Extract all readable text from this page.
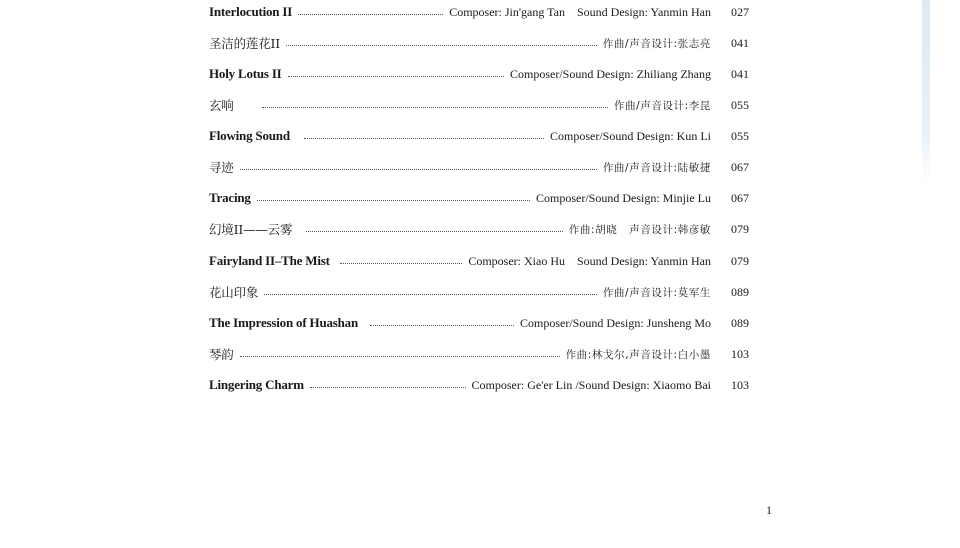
Interlocution II	Composer: Jin'gang Tan    Sound Design: Yanmin Han	027
圣洁的莲花II	作曲/声音设计:张志亮	041
Holy Lotus II	Composer/Sound Design: Zhiliang Zhang	041
玄响	作曲/声音设计:李昆	055
Flowing Sound	Composer/Sound Design: Kun Li	055
寻迹	作曲/声音设计:陆敏捷	067
Tracing	Composer/Sound Design: Minjie Lu	067
幻境II——云雾	作曲:胡晓   声音设计:韩彦敏	079
Fairyland II–The Mist	Composer: Xiao Hu    Sound Design: Yanmin Han	079
花山印象	作曲/声音设计:莫军生	089
The Impression of Huashan	Composer/Sound Design: Junsheng Mo	089
琴韵	作曲:林戈尔,声音设计:白小墨	103
Lingering Charm	Composer: Ge'er Lin /Sound Design: Xiaomo Bai	103
1
